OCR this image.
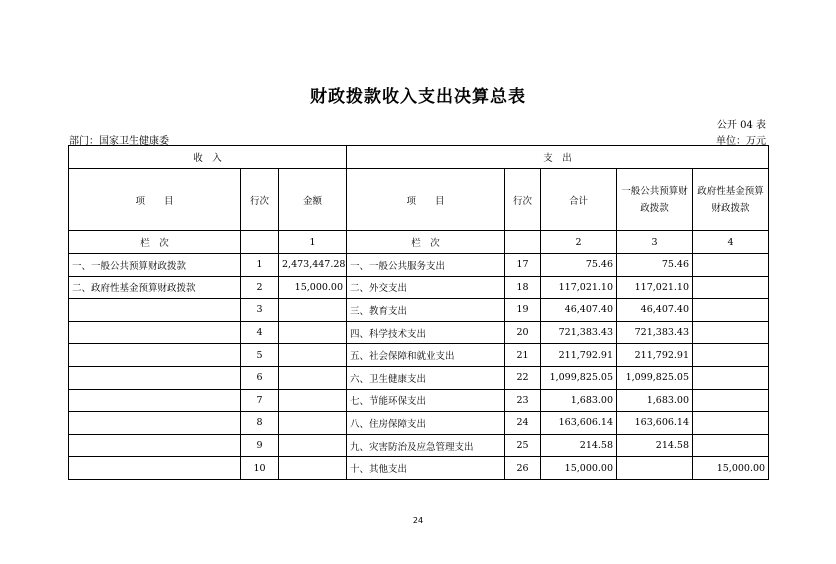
财政拨款收入支出决算总表
公开 04 表
部门：国家卫生健康委	单位：万元
收　入			支　出				
项　　目	行次	金额	项　　目	行次	合计	一般公共预算财政拨款	政府性基金预算财政拨款
栏　次		1	栏　次		2	3	4
一、一般公共预算财政拨款	1	2,473,447.28	一、一般公共服务支出	17	75.46	75.46	
二、政府性基金预算财政拨款	2	15,000.00	二、外交支出	18	117,021.10	117,021.10	
	3		三、教育支出	19	46,407.40	46,407.40	
	4		四、科学技术支出	20	721,383.43	721,383.43	
	5		五、社会保障和就业支出	21	211,792.91	211,792.91	
	6		六、卫生健康支出	22	1,099,825.05	1,099,825.05	
	7		七、节能环保支出	23	1,683.00	1,683.00	
	8		八、住房保障支出	24	163,606.14	163,606.14	
	9		九、灾害防治及应急管理支出	25	214.58	214.58	
	10		十、其他支出	26	15,000.00		15,000.00
24
